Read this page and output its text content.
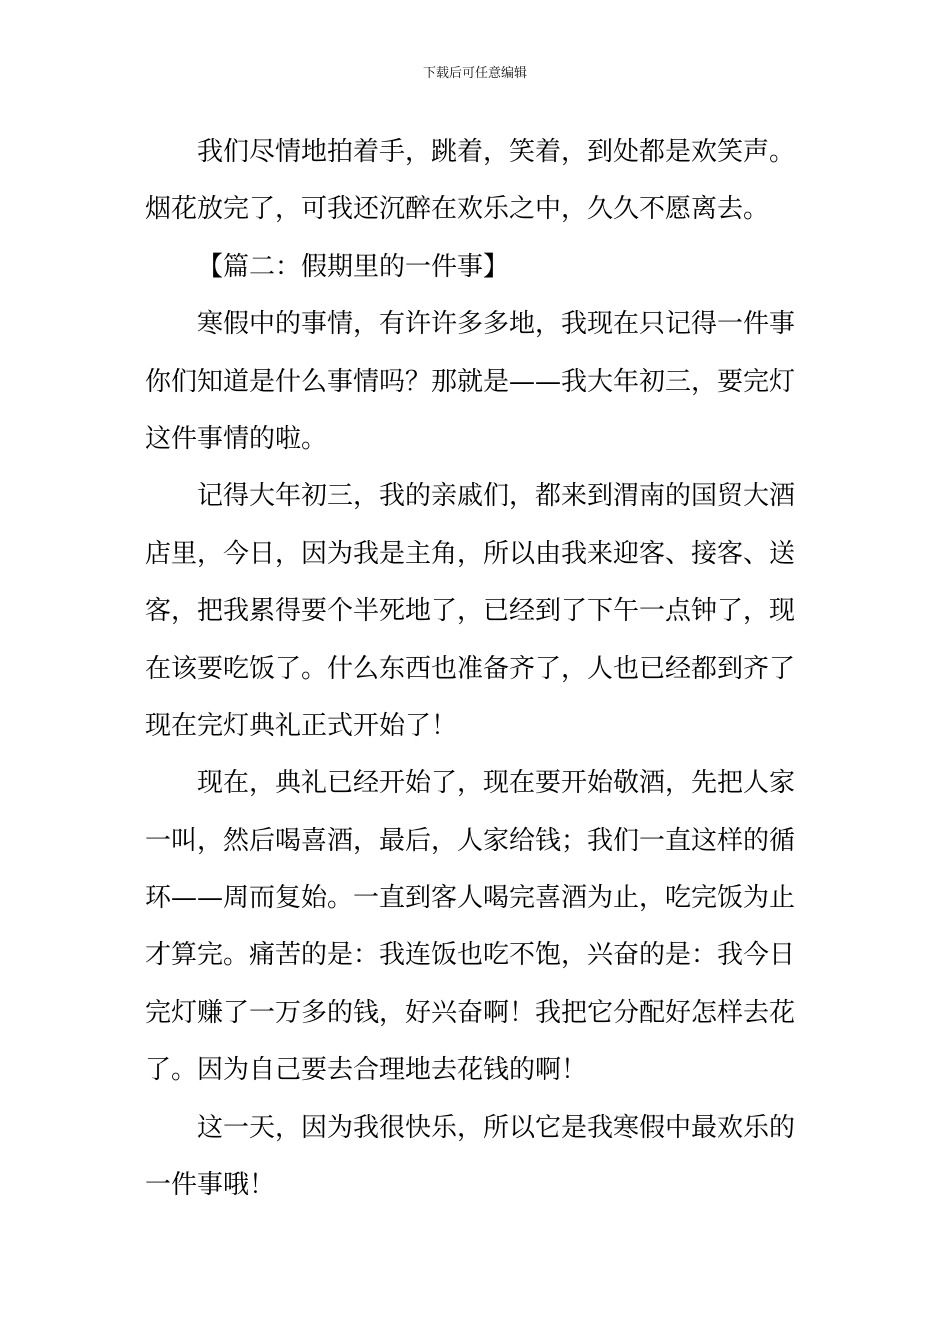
下载后可任意编辑
我们尽情地拍着手，跳着，笑着，到处都是欢笑声。
烟花放完了，可我还沉醉在欢乐之中，久久不愿离去。
【篇二：假期里的一件事】
寒假中的事情，有许许多多地，我现在只记得一件事
你们知道是什么事情吗？那就是——我大年初三，要完灯
这件事情的啦。
记得大年初三，我的亲戚们，都来到渭南的国贸大酒
店里，今日，因为我是主角，所以由我来迎客、接客、送
客，把我累得要个半死地了，已经到了下午一点钟了，现
在该要吃饭了。什么东西也准备齐了，人也已经都到齐了
现在完灯典礼正式开始了！
现在，典礼已经开始了，现在要开始敬酒，先把人家
一叫，然后喝喜酒，最后，人家给钱；我们一直这样的循
环——周而复始。一直到客人喝完喜酒为止，吃完饭为止
才算完。痛苦的是：我连饭也吃不饱，兴奋的是：我今日
完灯赚了一万多的钱，好兴奋啊！我把它分配好怎样去花
了。因为自己要去合理地去花钱的啊！
这一天，因为我很快乐，所以它是我寒假中最欢乐的
一件事哦！
